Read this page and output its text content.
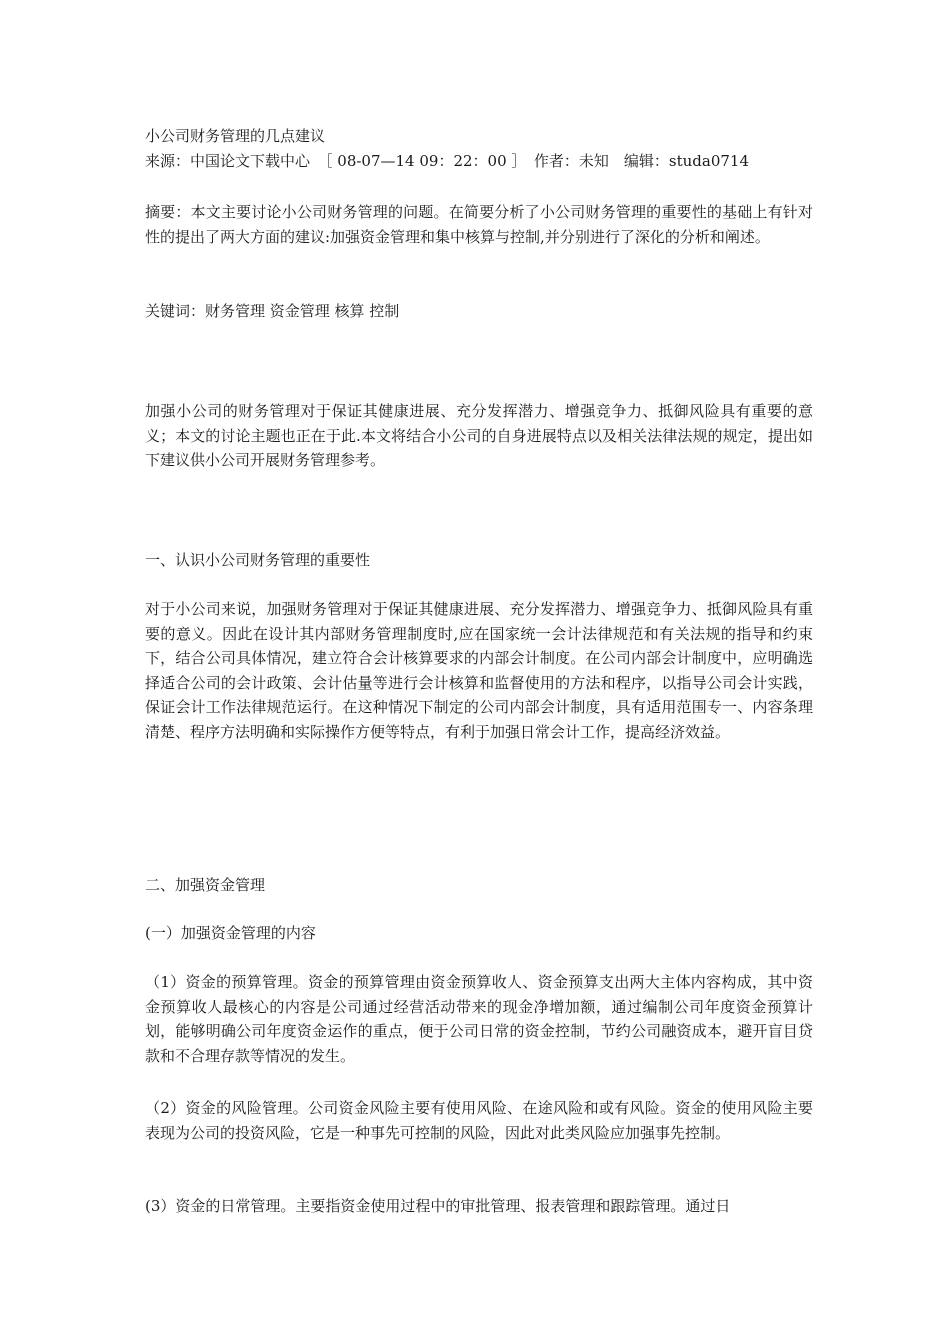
小公司财务管理的几点建议
来源：中国论文下载中心　［ 08-07—14 09：22：00 ］　作者：未知　编辑：studa0714
摘要：本文主要讨论小公司财务管理的问题。在简要分析了小公司财务管理的重要性的基础上有针对性的提出了两大方面的建议:加强资金管理和集中核算与控制,并分别进行了深化的分析和阐述。
关键词：财务管理 资金管理 核算 控制
加强小公司的财务管理对于保证其健康进展、充分发挥潜力、增强竞争力、抵御风险具有重要的意义；本文的讨论主题也正在于此.本文将结合小公司的自身进展特点以及相关法律法规的规定，提出如下建议供小公司开展财务管理参考。
一、认识小公司财务管理的重要性
对于小公司来说，加强财务管理对于保证其健康进展、充分发挥潜力、增强竞争力、抵御风险具有重要的意义。因此在设计其内部财务管理制度时,应在国家统一会计法律规范和有关法规的指导和约束下，结合公司具体情况，建立符合会计核算要求的内部会计制度。在公司内部会计制度中，应明确选择适合公司的会计政策、会计估量等进行会计核算和监督使用的方法和程序，以指导公司会计实践，保证会计工作法律规范运行。在这种情况下制定的公司内部会计制度，具有适用范围专一、内容条理清楚、程序方法明确和实际操作方便等特点，有利于加强日常会计工作，提高经济效益。
二、加强资金管理
(一）加强资金管理的内容
（1）资金的预算管理。资金的预算管理由资金预算收人、资金预算支出两大主体内容构成，其中资金预算收人最核心的内容是公司通过经营活动带来的现金净增加额，通过编制公司年度资金预算计划，能够明确公司年度资金运作的重点，便于公司日常的资金控制，节约公司融资成本，避开盲目贷款和不合理存款等情况的发生。
（2）资金的风险管理。公司资金风险主要有使用风险、在途风险和或有风险。资金的使用风险主要表现为公司的投资风险，它是一种事先可控制的风险，因此对此类风险应加强事先控制。
(3）资金的日常管理。主要指资金使用过程中的审批管理、报表管理和跟踪管理。通过日
